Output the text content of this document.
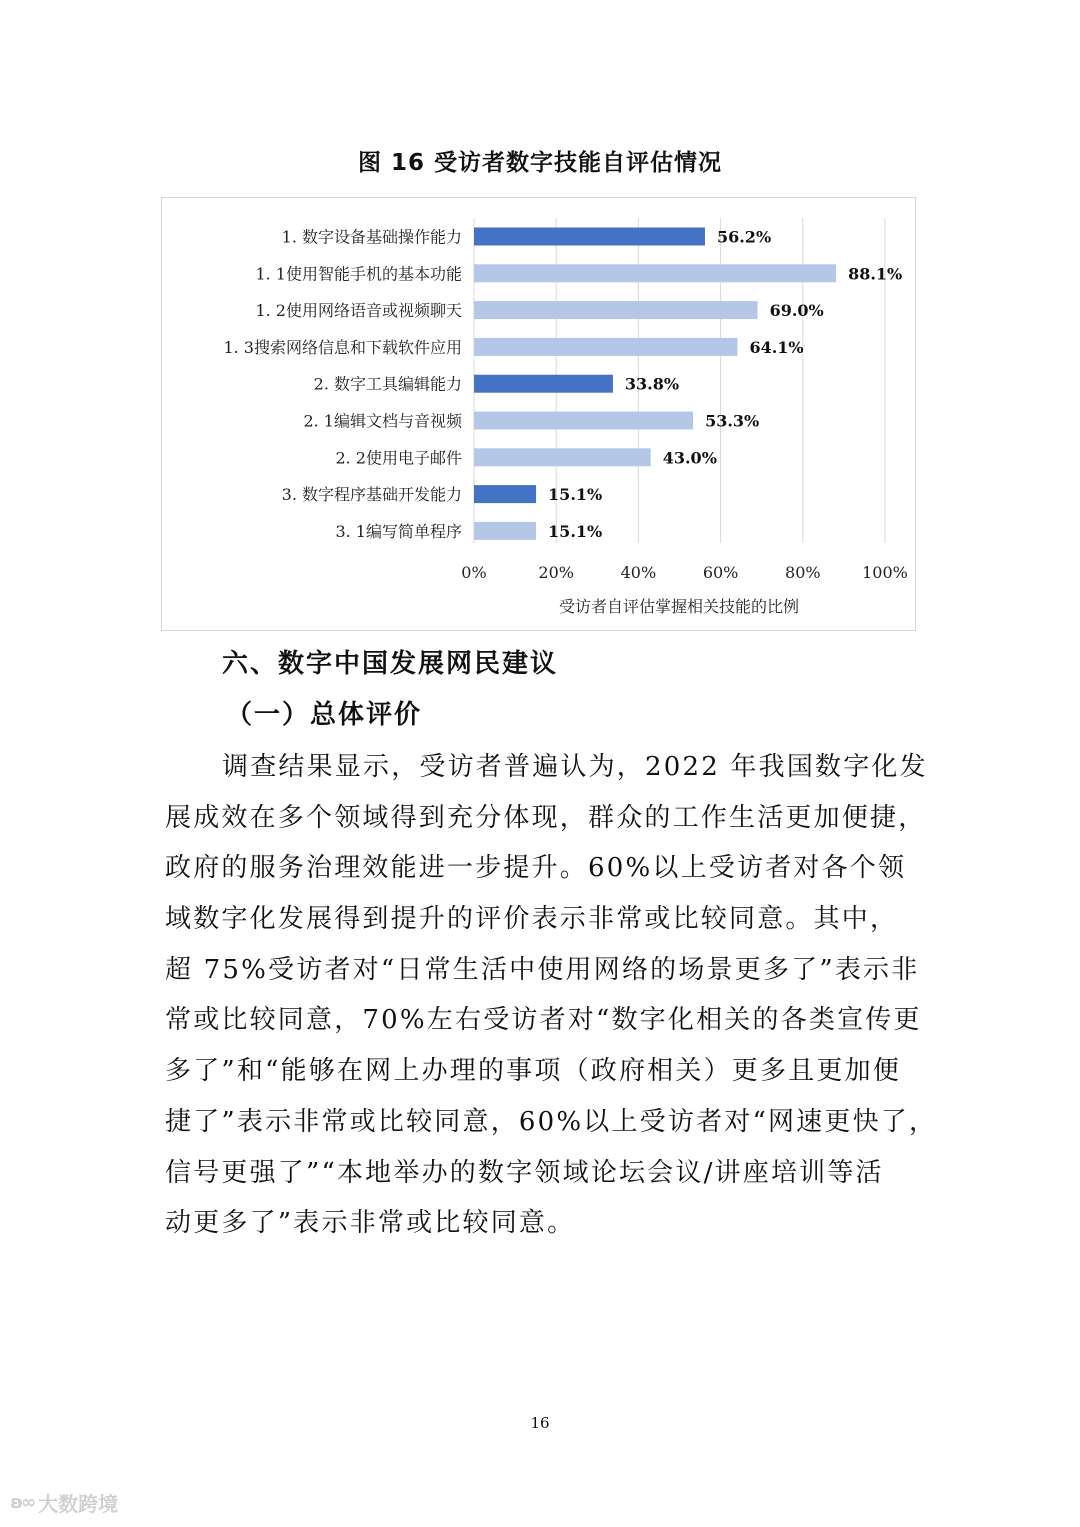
图 16 受访者数字技能自评估情况
0%	20%	40%	60%	80%	100%
1. 数字设备基础操作能力	56.2%
1. 1使用智能手机的基本功能	88.1%
1. 2使用网络语音或视频聊天	69.0%
1. 3搜索网络信息和下载软件应用	64.1%
2. 数字工具编辑能力	33.8%
2. 1编辑文档与音视频	53.3%
2. 2使用电子邮件	43.0%
3. 数字程序基础开发能力	15.1%
3. 1编写简单程序	15.1%
受访者自评估掌握相关技能的比例
六、数字中国发展网民建议
（一）总体评价
调查结果显示，受访者普遍认为，2022 年我国数字化发
展成效在多个领域得到充分体现，群众的工作生活更加便捷，
政府的服务治理效能进一步提升。60%以上受访者对各个领
域数字化发展得到提升的评价表示非常或比较同意。其中，
超 75%受访者对“日常生活中使用网络的场景更多了”表示非
常或比较同意，70%左右受访者对“数字化相关的各类宣传更
多了”和“能够在网上办理的事项（政府相关）更多且更加便
捷了”表示非常或比较同意，60%以上受访者对“网速更快了，
信号更强了”“本地举办的数字领域论坛会议/讲座培训等活
动更多了”表示非常或比较同意。
16
ʚ∞ 大数跨境
